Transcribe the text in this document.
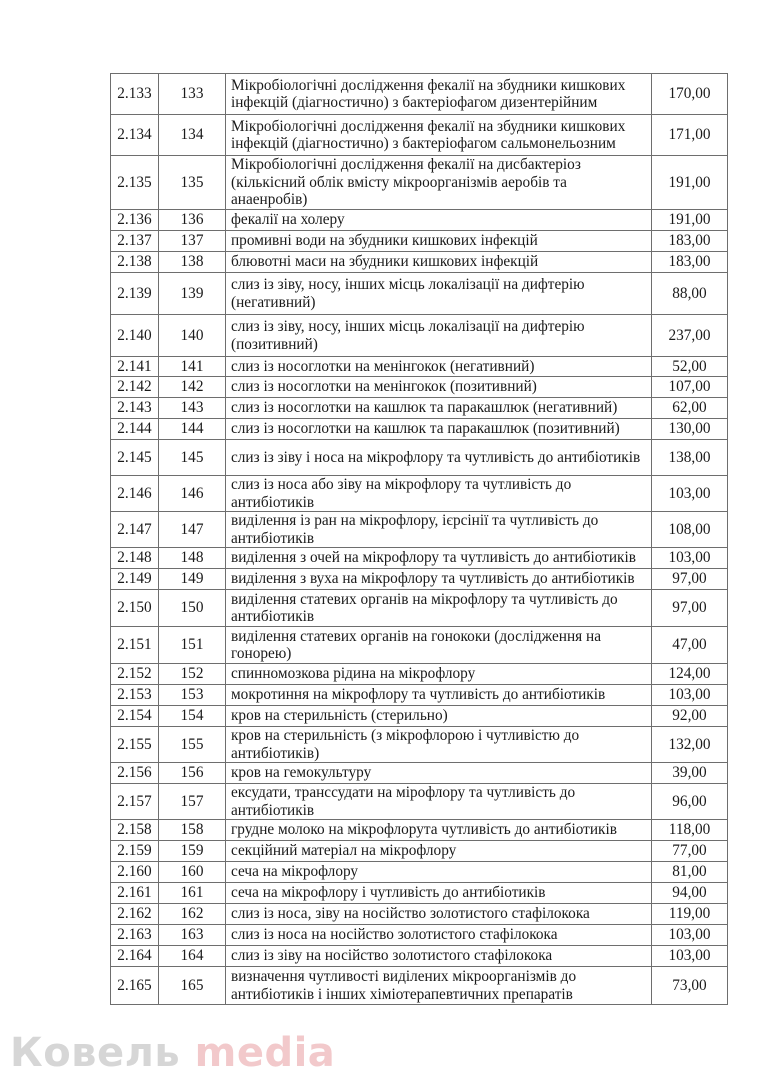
2.133	133	Мікробіологічні дослідження фекалії на збудники кишкових інфекцій (діагностично) з бактеріофагом дизентерійним	170,00
2.134	134	Мікробіологічні дослідження фекалії на збудники кишкових інфекцій (діагностично) з бактеріофагом сальмонельозним	171,00
2.135	135	Мікробіологічні дослідження фекалії на дисбактеріоз (кількісний облік вмісту мікроорганізмів аеробів та анаенробів)	191,00
2.136	136	фекалії на холеру	191,00
2.137	137	промивні води на збудники кишкових інфекцій	183,00
2.138	138	блювотні маси на збудники кишкових інфекцій	183,00
2.139	139	слиз із зіву, носу, інших місць локалізації на дифтерію (негативний)	88,00
2.140	140	слиз із зіву, носу, інших місць локалізації на дифтерію (позитивний)	237,00
2.141	141	слиз із носоглотки на менінгокок (негативний)	52,00
2.142	142	слиз із носоглотки на менінгокок (позитивний)	107,00
2.143	143	слиз із носоглотки на кашлюк та паракашлюк (негативний)	62,00
2.144	144	слиз із носоглотки на кашлюк та паракашлюк (позитивний)	130,00
2.145	145	слиз із зіву і носа на мікрофлору та чутливість до антибіотиків	138,00
2.146	146	слиз із носа або зіву на мікрофлору та чутливість до антибіотиків	103,00
2.147	147	виділення із ран на мікрофлору, ієрсінії та чутливість до антибіотиків	108,00
2.148	148	виділення з очей на мікрофлору та чутливість до антибіотиків	103,00
2.149	149	виділення з вуха на мікрофлору та чутливість до антибіотиків	97,00
2.150	150	виділення статевих органів на мікрофлору та чутливість до антибіотиків	97,00
2.151	151	виділення статевих органів на гонококи (дослідження на гонорею)	47,00
2.152	152	спинномозкова рідина на мікрофлору	124,00
2.153	153	мокротиння на мікрофлору та чутливість до антибіотиків	103,00
2.154	154	кров на стерильність (стерильно)	92,00
2.155	155	кров на стерильність (з мікрофлорою і чутливістю до антибіотиків)	132,00
2.156	156	кров на гемокультуру	39,00
2.157	157	ексудати, транссудати на мірофлору та чутливість до антибіотиків	96,00
2.158	158	грудне молоко на мікрофлорута чутливість до антибіотиків	118,00
2.159	159	секційний матеріал на мікрофлору	77,00
2.160	160	сеча на мікрофлору	81,00
2.161	161	сеча на мікрофлору і чутливість до антибіотиків	94,00
2.162	162	слиз із носа, зіву на носійство золотистого стафілокока	119,00
2.163	163	слиз із носа на носійство золотистого стафілокока	103,00
2.164	164	слиз із зіву на носійство золотистого стафілокока	103,00
2.165	165	визначення чутливості виділених мікроорганізмів до антибіотиків і інших хіміотерапевтичних препаратів	73,00
Ковель media
